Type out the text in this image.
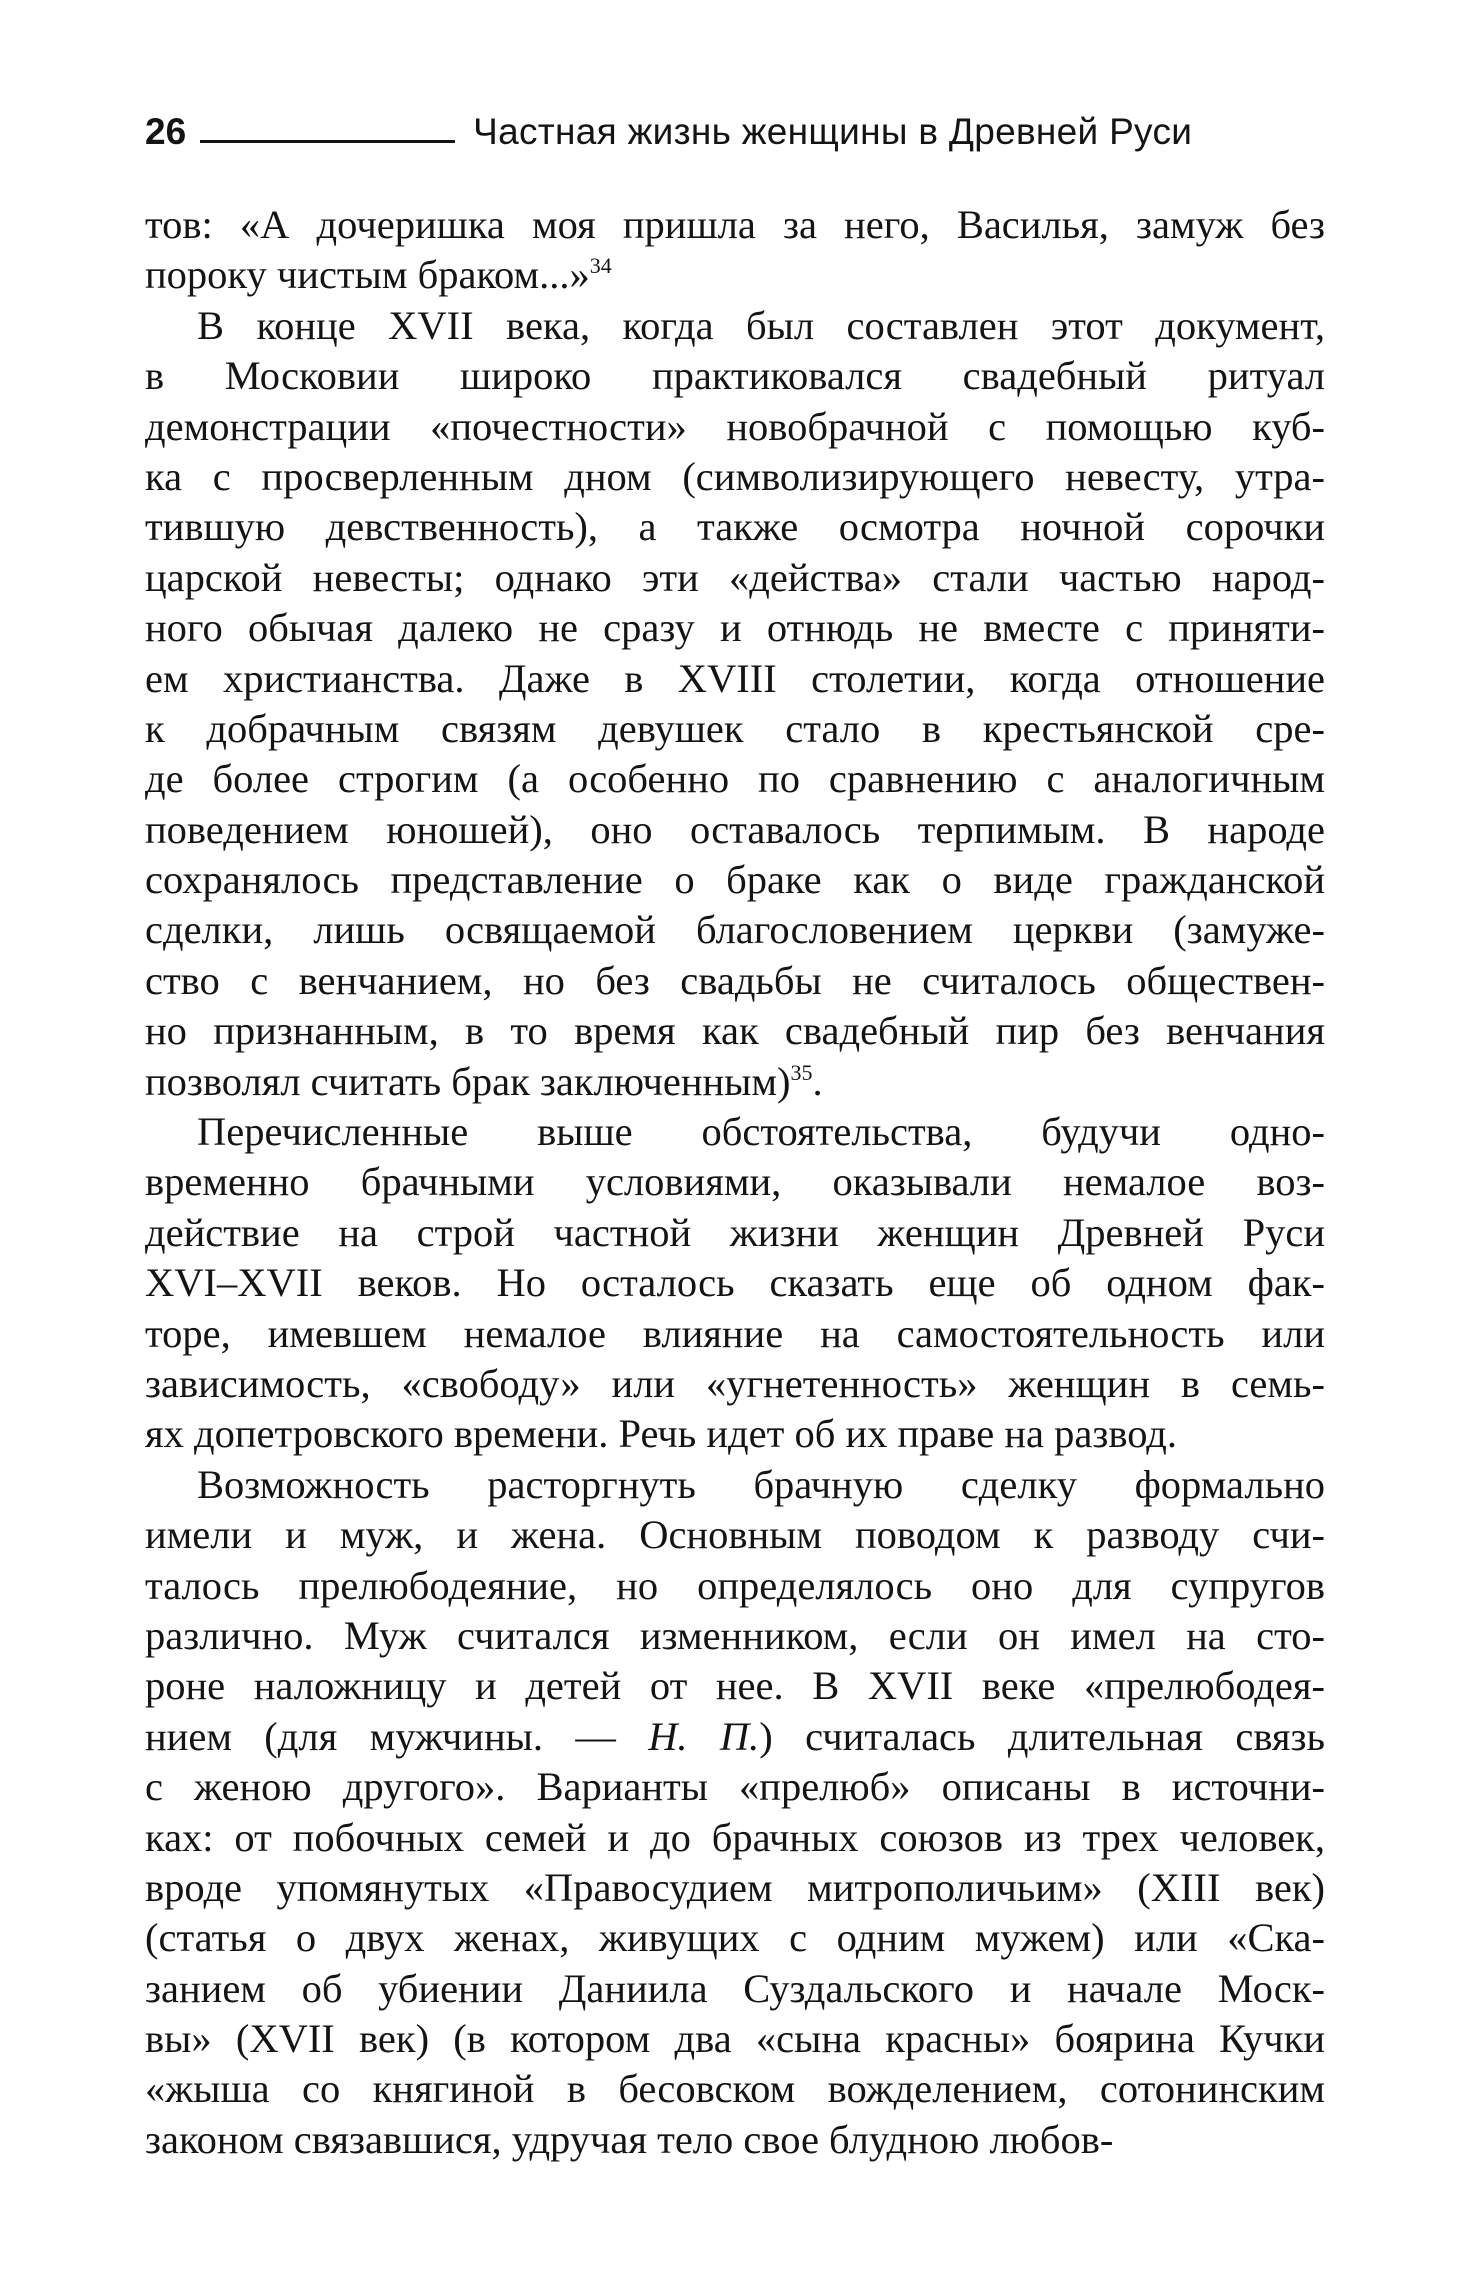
26	Частная жизнь женщины в Древней Руси
тов: «А дочеришка моя пришла за него, Василья, замуж без
пороку чистым браком...»$^{34}$
В конце XVII века, когда был составлен этот документ,
в Московии широко практиковался свадебный ритуал
демонстрации «почестности» новобрачной с помощью куб-
ка с просверленным дном (символизирующего невесту, утра-
тившую девственность), а также осмотра ночной сорочки
царской невесты; однако эти «действа» стали частью народ-
ного обычая далеко не сразу и отнюдь не вместе с приняти-
ем христианства. Даже в XVIII столетии, когда отношение
к добрачным связям девушек стало в крестьянской сре-
де более строгим (а особенно по сравнению с аналогичным
поведением юношей), оно оставалось терпимым. В народе
сохранялось представление о браке как о виде гражданской
сделки, лишь освящаемой благословением церкви (замуже-
ство с венчанием, но без свадьбы не считалось обществен-
но признанным, в то время как свадебный пир без венчания
позволял считать брак заключенным)$^{35}$.
Перечисленные выше обстоятельства, будучи одно-
временно брачными условиями, оказывали немалое воз-
действие на строй частной жизни женщин Древней Руси
XVI–XVII веков. Но осталось сказать еще об одном фак-
торе, имевшем немалое влияние на самостоятельность или
зависимость, «свободу» или «угнетенность» женщин в семь-
ях допетровского времени. Речь идет об их праве на развод.
Возможность расторгнуть брачную сделку формально
имели и муж, и жена. Основным поводом к разводу счи-
талось прелюбодеяние, но определялось оно для супругов
различно. Муж считался изменником, если он имел на сто-
роне наложницу и детей от нее. В XVII веке «прелюбодея-
нием (для мужчины. — Н. П.) считалась длительная связь
с женою другого». Варианты «прелюб» описаны в источни-
ках: от побочных семей и до брачных союзов из трех человек,
вроде упомянутых «Правосудием митрополичьим» (XIII век)
(статья о двух женах, живущих с одним мужем) или «Ска-
занием об убиении Даниила Суздальского и начале Моск-
вы» (XVII век) (в котором два «сына красны» боярина Кучки
«жыша со княгиной в бесовском вожделением, сотонинским
законом связавшися, удручая тело свое блудною любов-
